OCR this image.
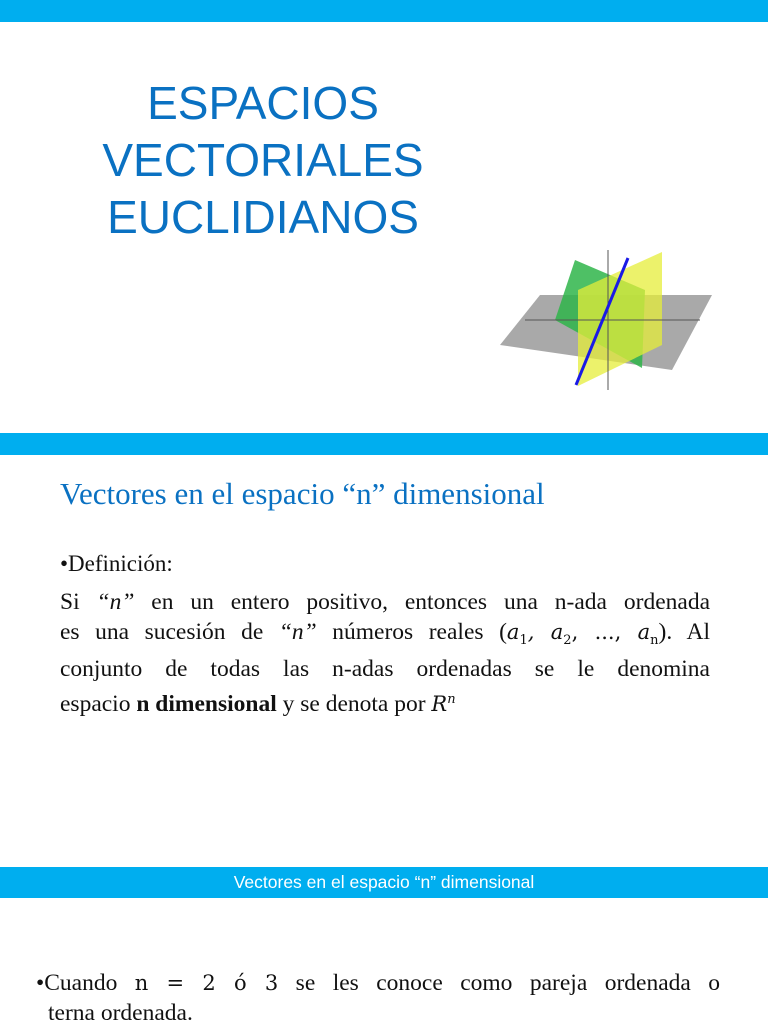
ESPACIOS
VECTORIALES
EUCLIDIANOS
Vectores en el espacio “n” dimensional
•Definición:
Si “n” en un entero positivo, entonces una n-ada ordenada
es una sucesión de “n” números reales ($a_1$, $a_2$, ..., $a_n$). Al
conjunto de todas las n-adas ordenadas se le denomina
espacio n dimensional y se denota por $R^n$
Vectores en el espacio “n” dimensional
•Cuando n = 2 ó 3 se les conoce como pareja ordenada o
terna ordenada.
